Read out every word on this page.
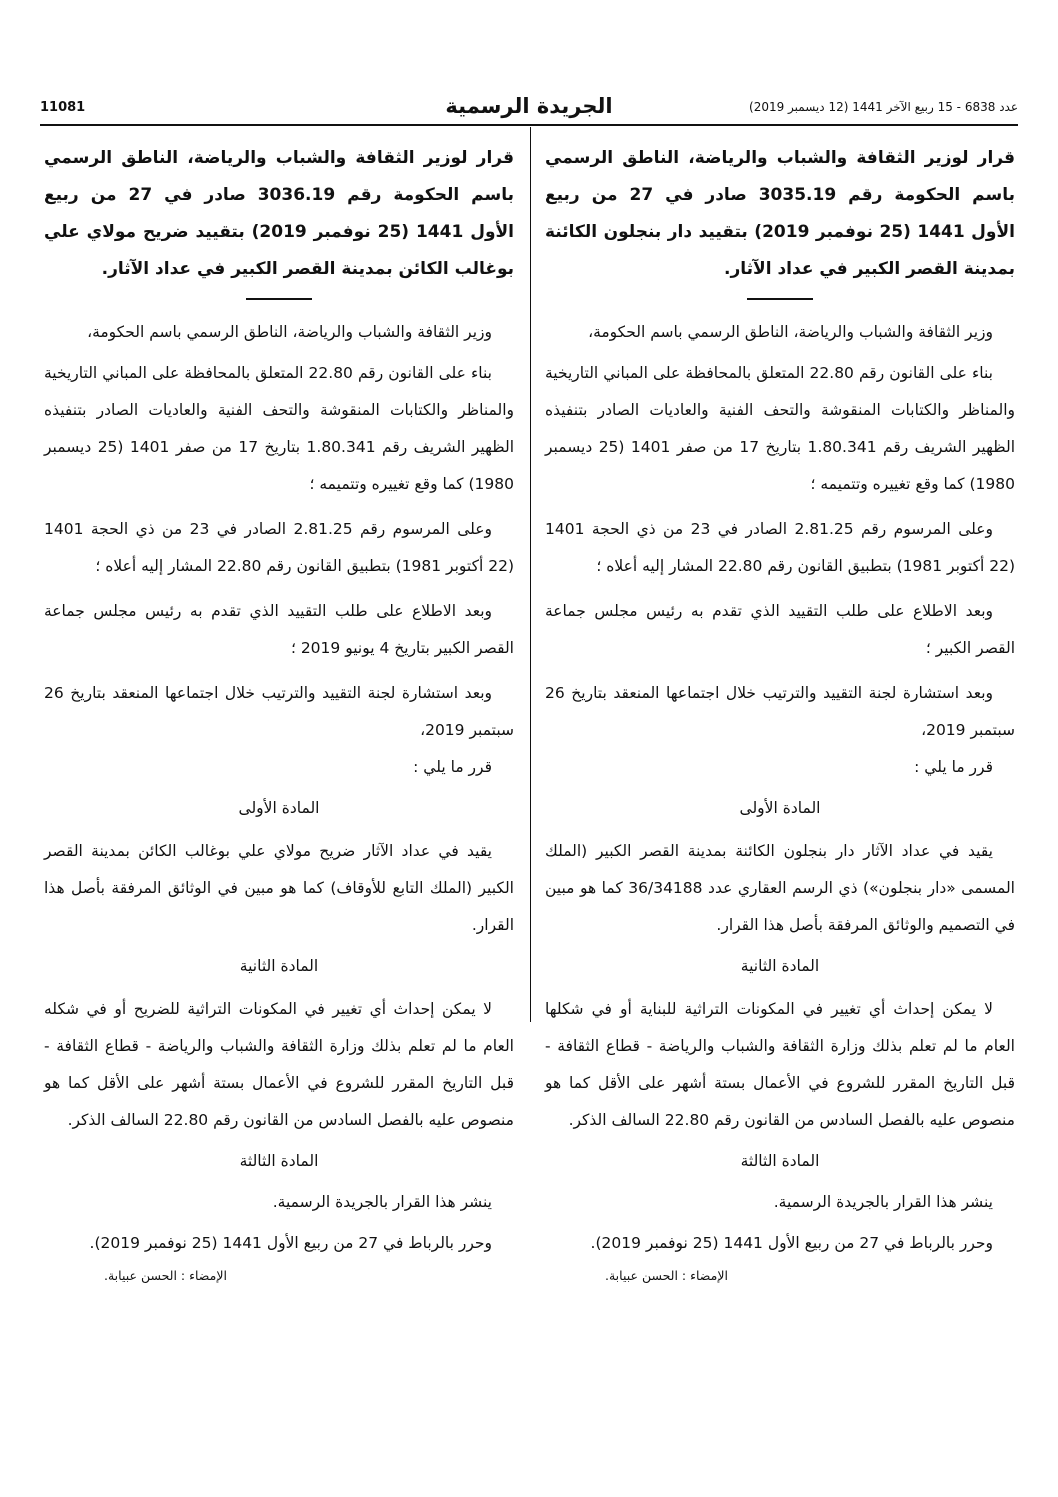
11081	الجريدة الرسمية	عدد 6838 - 15 ربيع الآخر 1441 (12 ديسمبر 2019)

قرار لوزير الثقافة والشباب والرياضة، الناطق الرسمي باسم الحكومة رقم 3035.19 صادر في 27 من ربيع الأول 1441 (25 نوفمبر 2019) بتقييد دار بنجلون الكائنة بمدينة القصر الكبير في عداد الآثار.

وزير الثقافة والشباب والرياضة، الناطق الرسمي باسم الحكومة،

بناء على القانون رقم 22.80 المتعلق بالمحافظة على المباني التاريخية والمناظر والكتابات المنقوشة والتحف الفنية والعاديات الصادر بتنفيذه الظهير الشريف رقم 1.80.341 بتاريخ 17 من صفر 1401 (25 ديسمبر 1980) كما وقع تغييره وتتميمه ؛

وعلى المرسوم رقم 2.81.25 الصادر في 23 من ذي الحجة 1401 (22 أكتوبر 1981) بتطبيق القانون رقم 22.80 المشار إليه أعلاه ؛

وبعد الاطلاع على طلب التقييد الذي تقدم به رئيس مجلس جماعة القصر الكبير ؛

وبعد استشارة لجنة التقييد والترتيب خلال اجتماعها المنعقد بتاريخ 26 سبتمبر 2019،

قرر ما يلي :

المادة الأولى

يقيد في عداد الآثار دار بنجلون الكائنة بمدينة القصر الكبير (الملك المسمى «دار بنجلون») ذي الرسم العقاري عدد 36/34188 كما هو مبين في التصميم والوثائق المرفقة بأصل هذا القرار.

المادة الثانية

لا يمكن إحداث أي تغيير في المكونات التراثية للبناية أو في شكلها العام ما لم تعلم بذلك وزارة الثقافة والشباب والرياضة - قطاع الثقافة - قبل التاريخ المقرر للشروع في الأعمال بستة أشهر على الأقل كما هو منصوص عليه بالفصل السادس من القانون رقم 22.80 السالف الذكر.

المادة الثالثة

ينشر هذا القرار بالجريدة الرسمية.

وحرر بالرباط في 27 من ربيع الأول 1441 (25 نوفمبر 2019).

الإمضاء : الحسن عبيابة.

قرار لوزير الثقافة والشباب والرياضة، الناطق الرسمي باسم الحكومة رقم 3036.19 صادر في 27 من ربيع الأول 1441 (25 نوفمبر 2019) بتقييد ضريح مولاي علي بوغالب الكائن بمدينة القصر الكبير في عداد الآثار.

وزير الثقافة والشباب والرياضة، الناطق الرسمي باسم الحكومة،

بناء على القانون رقم 22.80 المتعلق بالمحافظة على المباني التاريخية والمناظر والكتابات المنقوشة والتحف الفنية والعاديات الصادر بتنفيذه الظهير الشريف رقم 1.80.341 بتاريخ 17 من صفر 1401 (25 ديسمبر 1980) كما وقع تغييره وتتميمه ؛

وعلى المرسوم رقم 2.81.25 الصادر في 23 من ذي الحجة 1401 (22 أكتوبر 1981) بتطبيق القانون رقم 22.80 المشار إليه أعلاه ؛

وبعد الاطلاع على طلب التقييد الذي تقدم به رئيس مجلس جماعة القصر الكبير بتاريخ 4 يونيو 2019 ؛

وبعد استشارة لجنة التقييد والترتيب خلال اجتماعها المنعقد بتاريخ 26 سبتمبر 2019،

قرر ما يلي :

المادة الأولى

يقيد في عداد الآثار ضريح مولاي علي بوغالب الكائن بمدينة القصر الكبير (الملك التابع للأوقاف) كما هو مبين في الوثائق المرفقة بأصل هذا القرار.

المادة الثانية

لا يمكن إحداث أي تغيير في المكونات التراثية للضريح أو في شكله العام ما لم تعلم بذلك وزارة الثقافة والشباب والرياضة - قطاع الثقافة - قبل التاريخ المقرر للشروع في الأعمال بستة أشهر على الأقل كما هو منصوص عليه بالفصل السادس من القانون رقم 22.80 السالف الذكر.

المادة الثالثة

ينشر هذا القرار بالجريدة الرسمية.

وحرر بالرباط في 27 من ربيع الأول 1441 (25 نوفمبر 2019).

الإمضاء : الحسن عبيابة.
